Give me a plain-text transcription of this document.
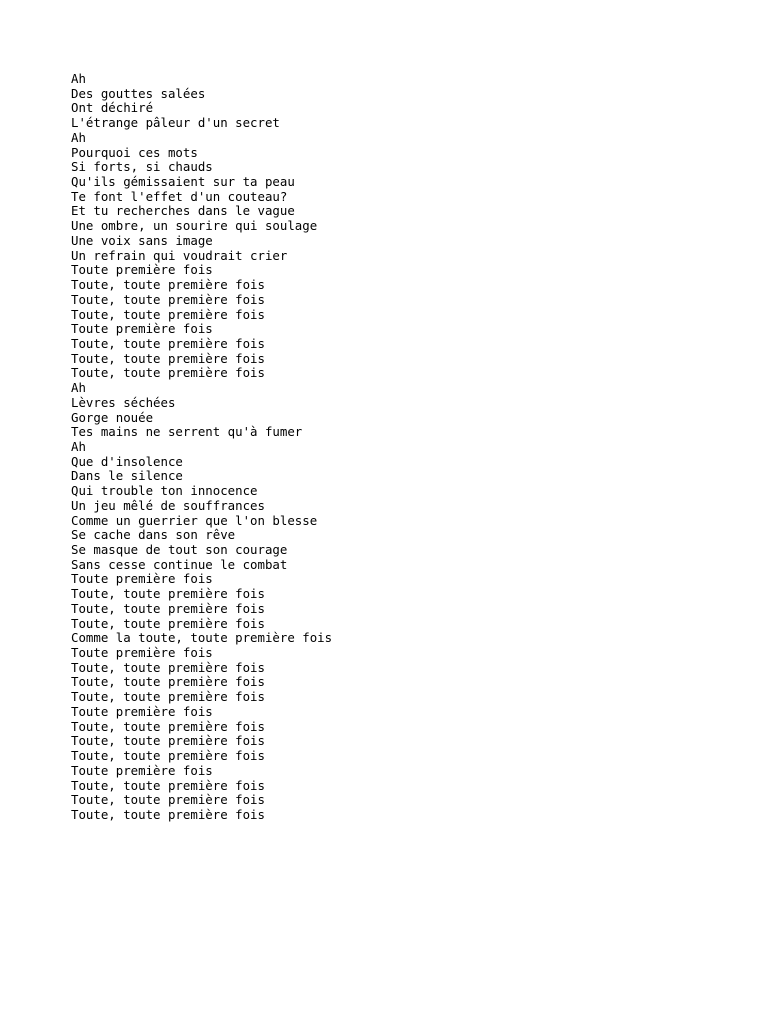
Ah
Des gouttes salées
Ont déchiré
L'étrange pâleur d'un secret
Ah
Pourquoi ces mots
Si forts, si chauds
Qu'ils gémissaient sur ta peau
Te font l'effet d'un couteau?
Et tu recherches dans le vague
Une ombre, un sourire qui soulage
Une voix sans image
Un refrain qui voudrait crier
Toute première fois
Toute, toute première fois
Toute, toute première fois
Toute, toute première fois
Toute première fois
Toute, toute première fois
Toute, toute première fois
Toute, toute première fois
Ah
Lèvres séchées
Gorge nouée
Tes mains ne serrent qu'à fumer
Ah
Que d'insolence
Dans le silence
Qui trouble ton innocence
Un jeu mêlé de souffrances
Comme un guerrier que l'on blesse
Se cache dans son rêve
Se masque de tout son courage
Sans cesse continue le combat
Toute première fois
Toute, toute première fois
Toute, toute première fois
Toute, toute première fois
Comme la toute, toute première fois
Toute première fois
Toute, toute première fois
Toute, toute première fois
Toute, toute première fois
Toute première fois
Toute, toute première fois
Toute, toute première fois
Toute, toute première fois
Toute première fois
Toute, toute première fois
Toute, toute première fois
Toute, toute première fois
